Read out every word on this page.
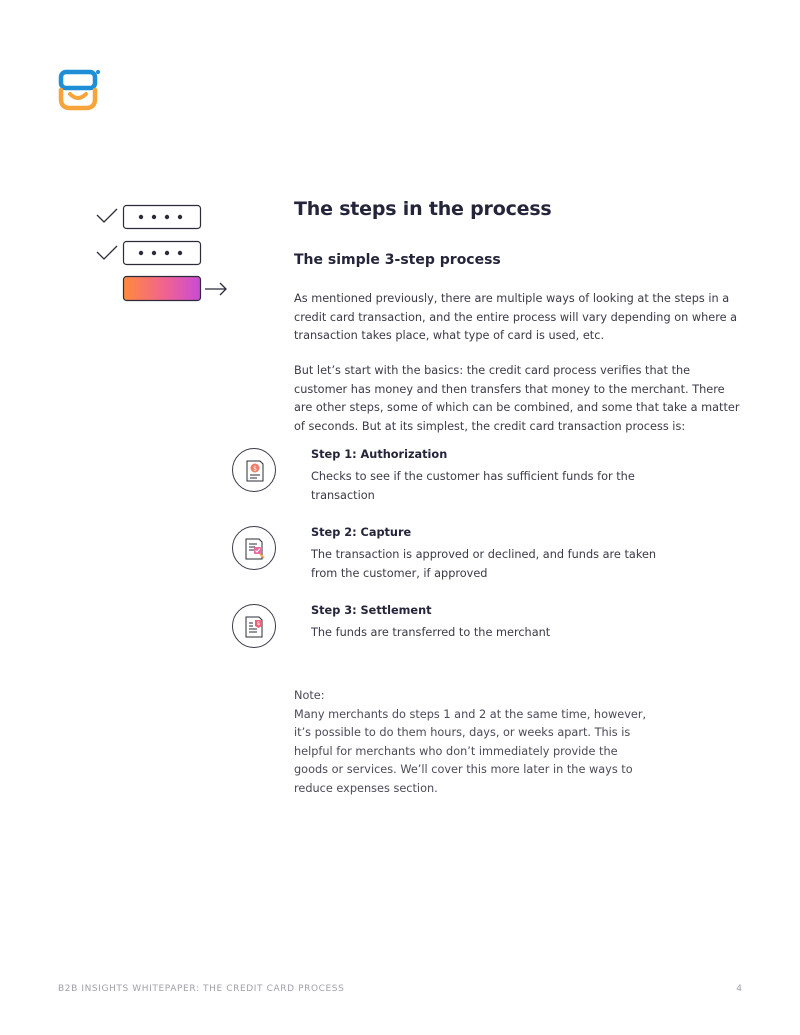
The steps in the process
The simple 3-step process

As mentioned previously, there are multiple ways of looking at the steps in a credit card transaction, and the entire process will vary depending on where a transaction takes place, what type of card is used, etc.

But let’s start with the basics: the credit card process verifies that the customer has money and then transfers that money to the merchant. There are other steps, some of which can be combined, and some that take a matter of seconds. But at its simplest, the credit card transaction process is:

$
Step 1: Authorization
Checks to see if the customer has sufficient funds for the transaction
Step 2: Capture
The transaction is approved or declined, and funds are taken from the customer, if approved
$
Step 3: Settlement
The funds are transferred to the merchant
Note:
Many merchants do steps 1 and 2 at the same time, however, it’s possible to do them hours, days, or weeks apart. This is helpful for merchants who don’t immediately provide the goods or services. We’ll cover this more later in the ways to reduce expenses section.
B2B INSIGHTS WHITEPAPER: THE CREDIT CARD PROCESS	4
